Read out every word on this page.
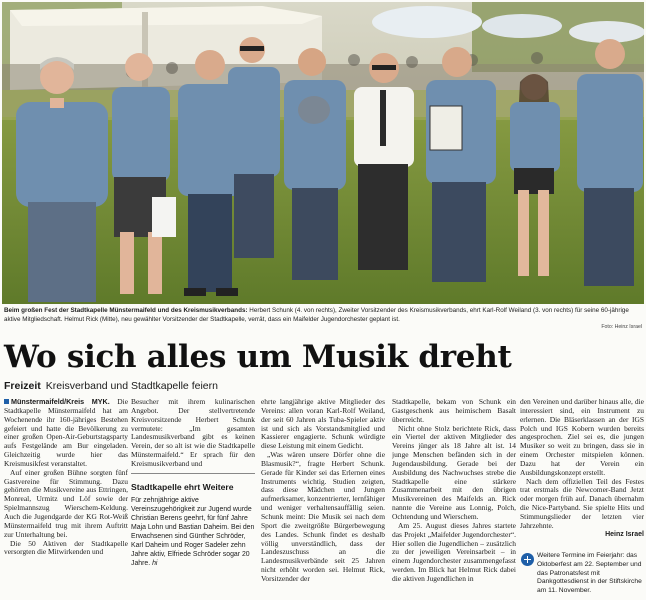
Beim großen Fest der Stadtkapelle Münstermaifeld und des Kreismusikverbands: Herbert Schunk (4. von rechts), Zweiter Vorsitzender des Kreismusikverbands, ehrt Karl-Rolf Weiland (3. von rechts) für seine 60-jährige aktive Mitgliedschaft. Helmut Rick (Mitte), neu gewählter Vorsitzender der Stadtkapelle, verrät, dass ein Maifelder Jugendorchester geplant ist.
Foto: Heinz Israel
Wo sich alles um Musik dreht
Freizeit Kreisverband und Stadtkapelle feiern

Münstermaifeld/Kreis MYK. Die Stadtkapelle Münstermaifeld hat am Wochenende ihr 160-jähriges Bestehen gefeiert und hatte die Bevölkerung zu einer großen Open-Air-Geburtstagsparty aufs Festgelände am Bur eingeladen. Gleichzeitig wurde hier das Kreismusikfest veranstaltet.

Auf einer großen Bühne sorgten fünf Gastvereine für Stimmung. Dazu gehörten die Musikvereine aus Ettringen, Monreal, Urmitz und Löf sowie der Spielmannszug Wierschem-Keldung. Auch die Jugendgarde der KG Rot-Weiß Münstermaifeld trug mit ihrem Auftritt zur Unterhaltung bei.

Die 50 Aktiven der Stadtkapelle versorgten die Mitwirkenden und

Besucher mit ihrem kulinarischen Angebot. Der stellvertretende Kreisvorsitzende Herbert Schunk vermutete: „Im gesamten Landesmusikverband gibt es keinen Verein, der so alt ist wie die Stadtkapelle Münstermaifeld.“ Er sprach für den Kreismusikverband und

Stadtkapelle ehrt Weitere
Für zehnjährige aktive Vereinszugehörigkeit zur Jugend wurde Christian Berens geehrt, für fünf Jahre Maja Lohn und Bastian Daheim. Bei den Erwachsenen sind Günther Schröder, Karl Daheim und Roger Sadeler zehn Jahre aktiv, Elfriede Schröder sogar 20 Jahre. hi

ehrte langjährige aktive Mitglieder des Vereins: allen voran Karl-Rolf Weiland, der seit 60 Jahren als Tuba-Spieler aktiv ist und sich als Vorstandsmitglied und Kassierer engagierte. Schunk würdigte diese Leistung mit einem Gedicht.

„Was wären unsere Dörfer ohne die Blasmusik?“, fragte Herbert Schunk. Gerade für Kinder sei das Erlernen eines Instruments wichtig. Studien zeigten, dass diese Mädchen und Jungen aufmerksamer, konzentrierter, lernfähiger und weniger verhaltensauffällig seien. Schunk meint: Die Musik sei nach dem Sport die zweitgrößte Bürgerbewegung des Landes. Schunk findet es deshalb völlig unverständlich, dass der Landeszuschuss an die Landesmusikverbände seit 25 Jahren nicht erhöht worden sei. Helmut Rick, Vorsitzender der

Stadtkapelle, bekam von Schunk ein Gastgeschenk aus heimischem Basalt überreicht.

Nicht ohne Stolz berichtete Rick, dass ein Viertel der aktiven Mitglieder des Vereins jünger als 18 Jahre alt ist. 14 junge Menschen befänden sich in der Jugendausbildung. Gerade bei der Ausbildung des Nachwuchses strebe die Stadtkapelle eine stärkere Zusammenarbeit mit den übrigen Musikvereinen des Maifelds an. Rick nannte die Vereine aus Lonnig, Polch, Ochtendung und Wierschem.

Am 25. August dieses Jahres startete das Projekt „Maifelder Jugendorchester“. Hier sollen die Jugendlichen – zusätzlich zu der jeweiligen Vereinsarbeit – in einem Jugendorchester zusammengefasst werden. Im Blick hat Helmut Rick dabei die aktiven Jugendlichen in

den Vereinen und darüber hinaus alle, die interessiert sind, ein Instrument zu erlernen. Die Bläserklassen an der IGS Polch und IGS Kobern wurden bereits angesprochen. Ziel sei es, die jungen Musiker so weit zu bringen, dass sie in einem Orchester mitspielen können. Dazu hat der Verein ein Ausbildungskonzept erstellt.

Nach dem offiziellen Teil des Festes trat erstmals die Newcomer-Band Jetzt oder morgen früh auf. Danach übernahm die Nice-Partyband. Sie spielte Hits und Stimmungslieder der letzten vier Jahrzehnte.

Heinz Israel
Weitere Termine im Feierjahr: das Oktoberfest am 22. September und das Patronatsfest mit Dankgottesdienst in der Stiftskirche am 11. November.
